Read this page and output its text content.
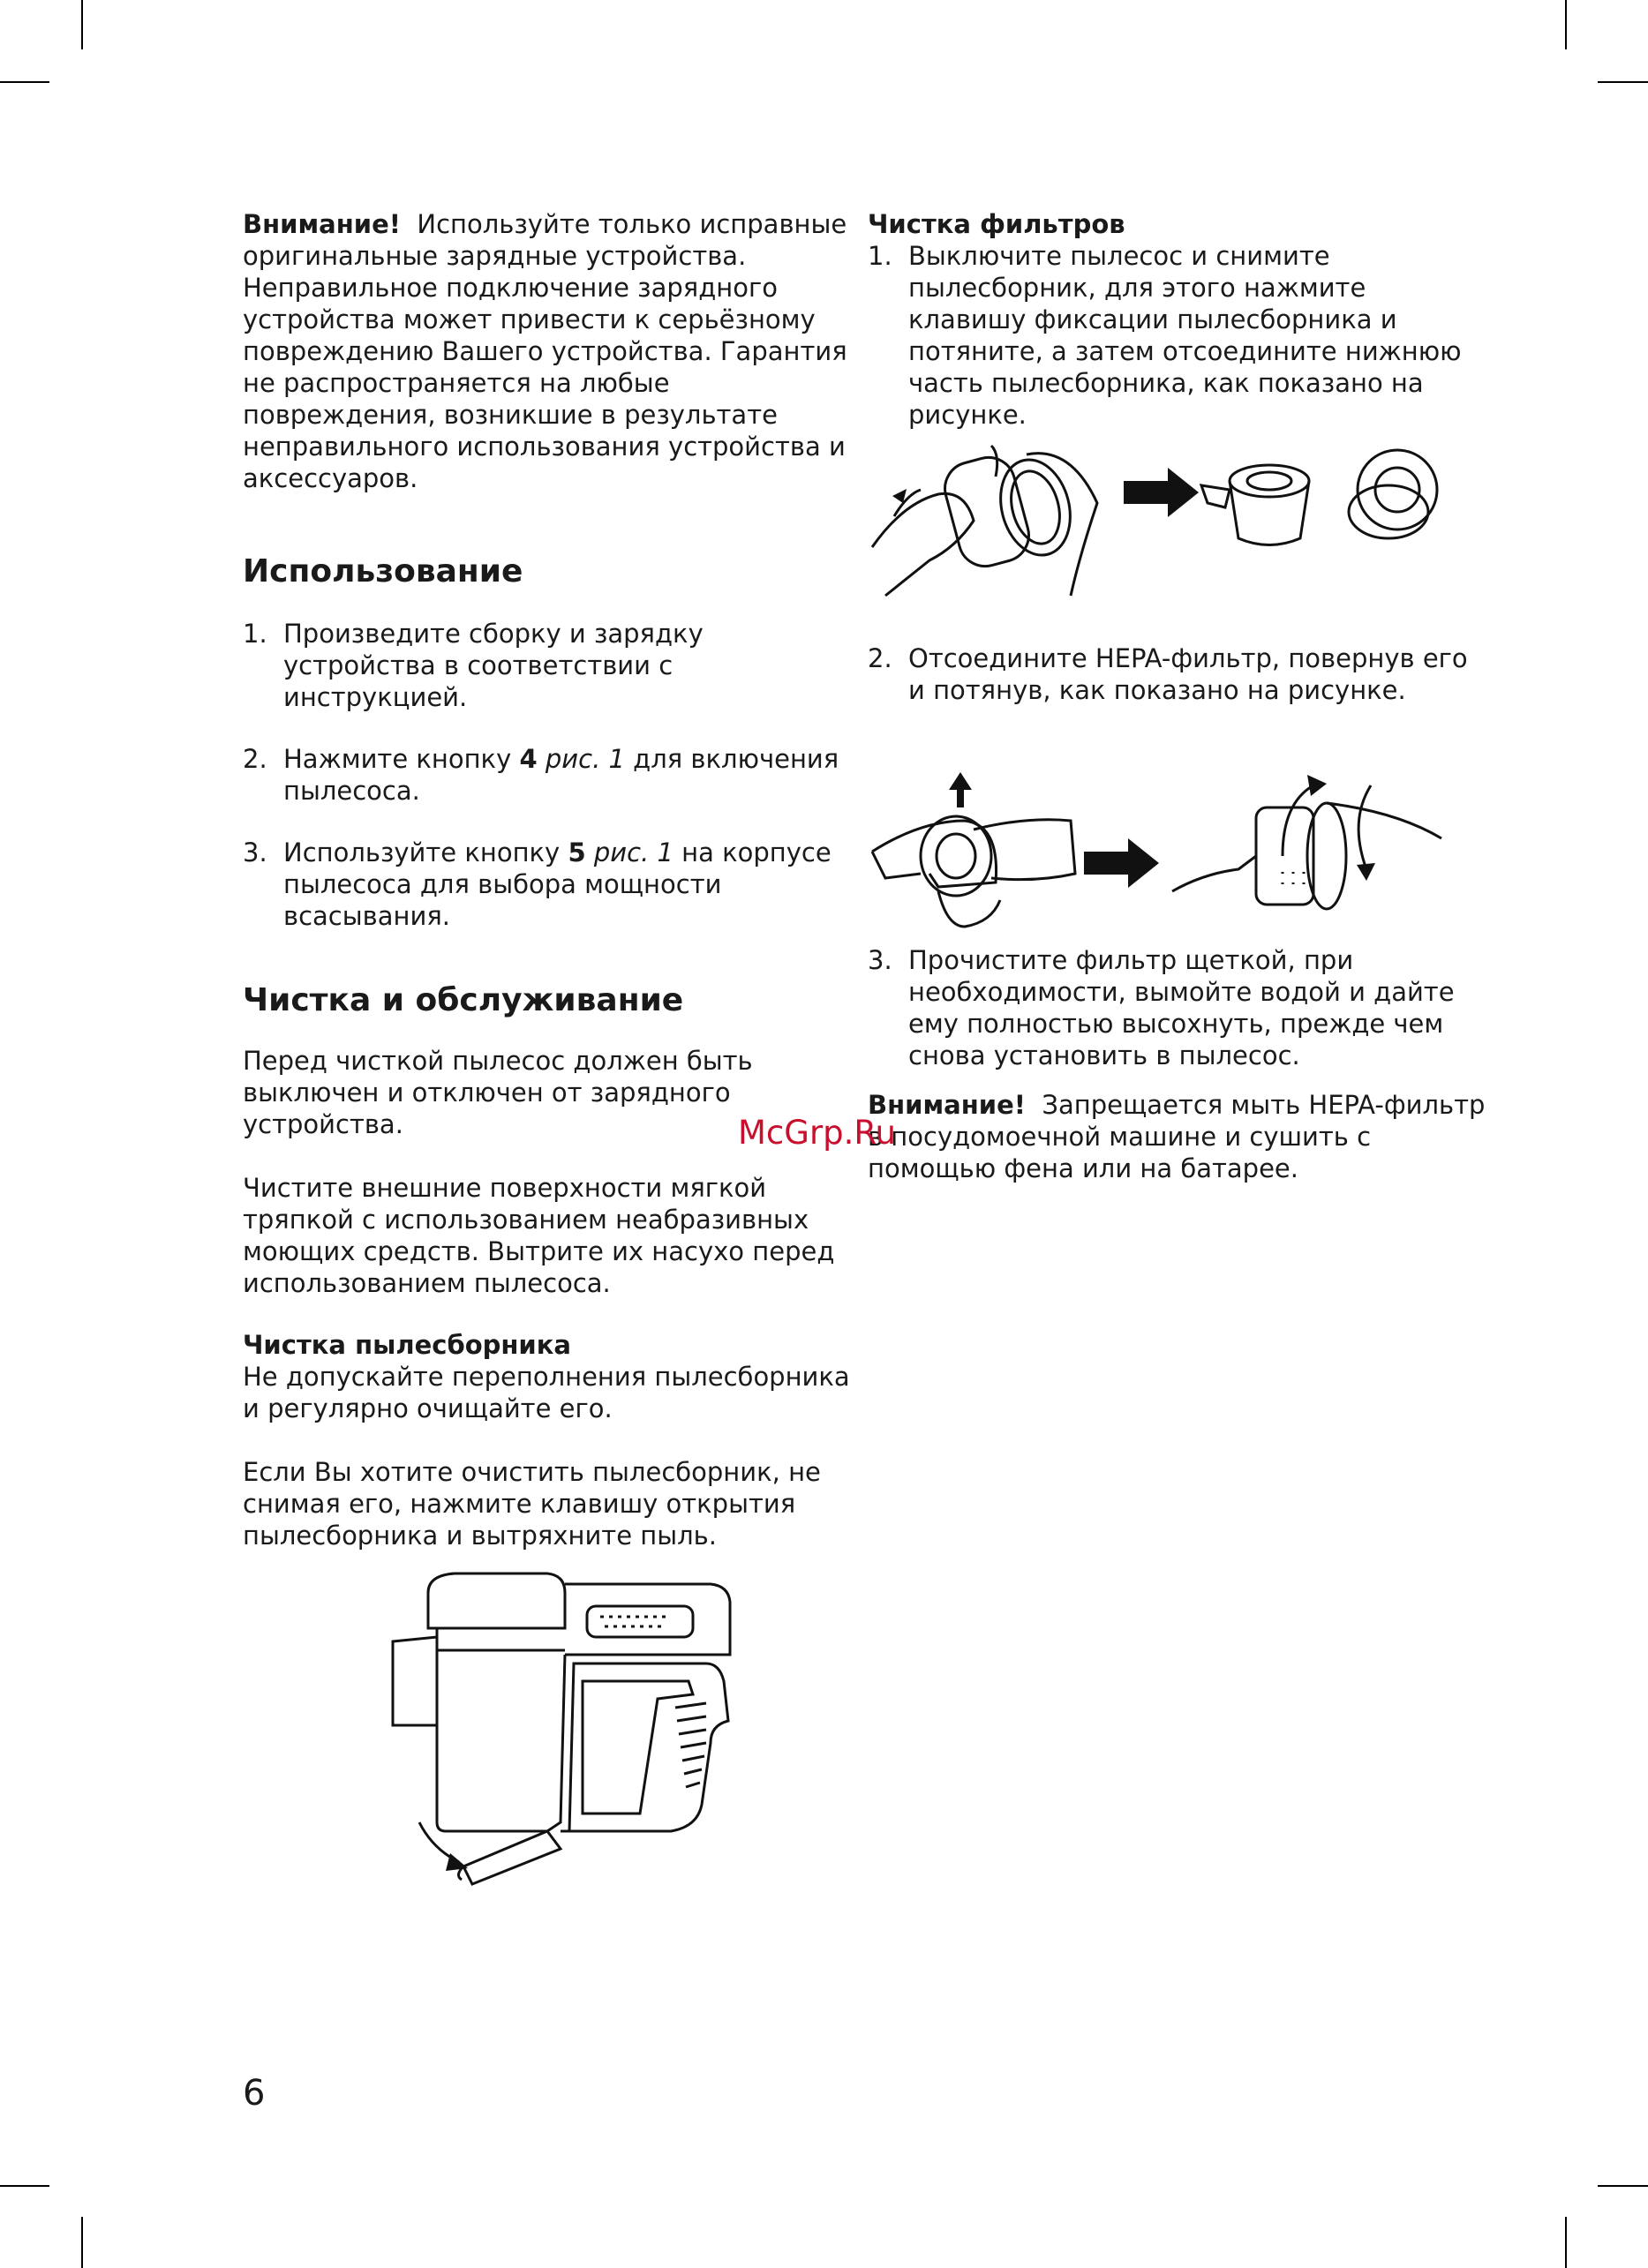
Внимание! Используйте только исправные оригинальные зарядные устройства. Неправильное подключение зарядного устройства может привести к серьёзному повреждению Вашего устройства. Гарантия не распространяется на любые повреждения, возникшие в результате неправильного использования устройства и аксессуаров.

Использование
1. Произведите сборку и зарядку устройства в соответствии с инструкцией.
2. Нажмите кнопку 4 рис. 1 для включения пылесоса.
3. Используйте кнопку 5 рис. 1 на корпусе пылесоса для выбора мощности всасывания.
Чистка и обслуживание

Перед чисткой пылесос должен быть выключен и отключен от зарядного устройства.

Чистите внешние поверхности мягкой тряпкой с использованием неабразивных моющих средств. Вытрите их насухо перед использованием пылесоса.

Чистка пылесборника

Не допускайте переполнения пылесборника и регулярно очищайте его.

Если Вы хотите очистить пылесборник, не снимая его, нажмите клавишу открытия пылесборника и вытряхните пыль.

Чистка фильтров
1. Выключите пылесос и снимите пылесборник, для этого нажмите клавишу фиксации пылесборника и потяните, а затем отсоедините нижнюю часть пылесборника, как показано на рисунке.
2. Отсоедините HEPA-фильтр, повернув его и потянув, как показано на рисунке.
3. Прочистите фильтр щеткой, при необходимости, вымойте водой и дайте ему полностью высохнуть, прежде чем снова установить в пылесос.

Внимание! Запрещается мыть HEPA-фильтр в посудомоечной машине и сушить с помощью фена или на батарее.

McGrp.Ru
6
